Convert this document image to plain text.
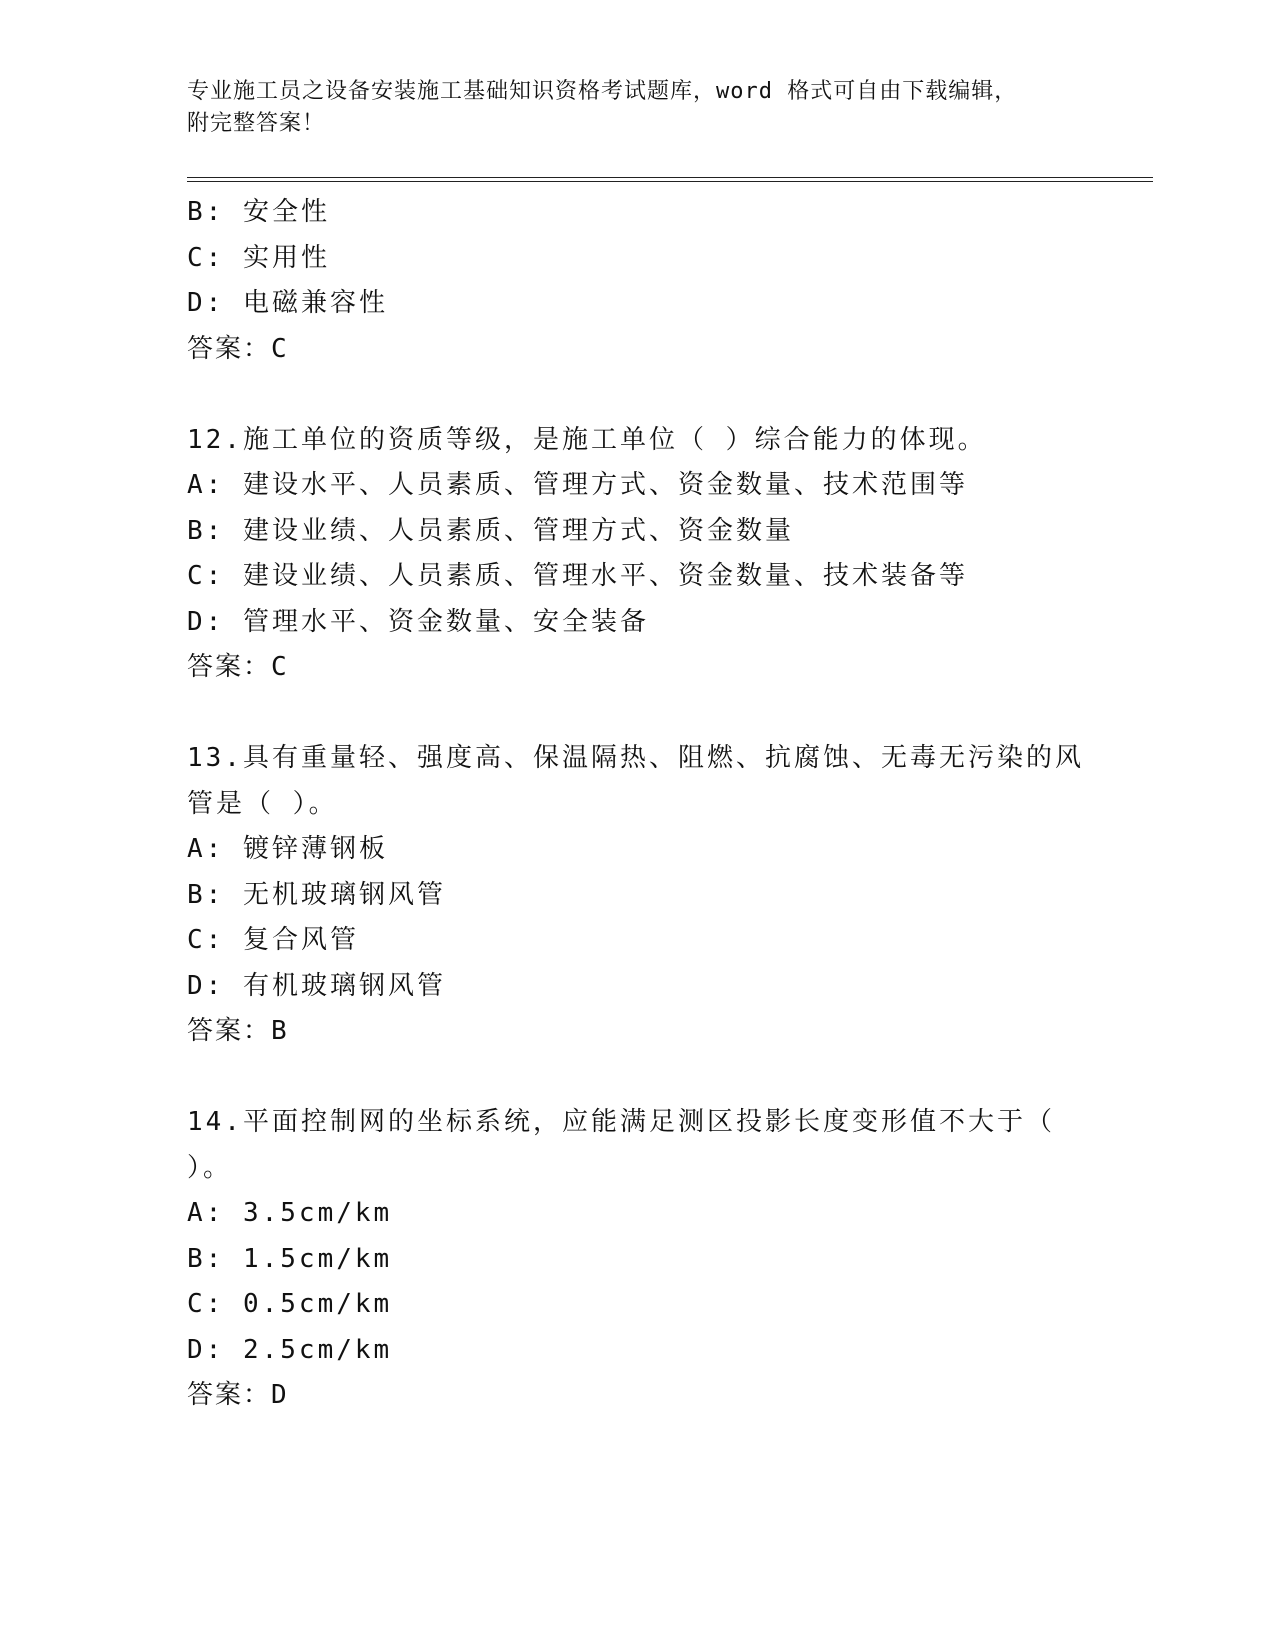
专业施工员之设备安装施工基础知识资格考试题库，word 格式可自由下载编辑，
附完整答案！
B: 安全性
C: 实用性
D: 电磁兼容性
答案：C
12.施工单位的资质等级，是施工单位（ ）综合能力的体现。
A: 建设水平、人员素质、管理方式、资金数量、技术范围等
B: 建设业绩、人员素质、管理方式、资金数量
C: 建设业绩、人员素质、管理水平、资金数量、技术装备等
D: 管理水平、资金数量、安全装备
答案：C
13.具有重量轻、强度高、保温隔热、阻燃、抗腐蚀、无毒无污染的风
管是（ ）。
A: 镀锌薄钢板
B: 无机玻璃钢风管
C: 复合风管
D: 有机玻璃钢风管
答案：B
14.平面控制网的坐标系统，应能满足测区投影长度变形值不大于（
）。
A: 3.5cm/km
B: 1.5cm/km
C: 0.5cm/km
D: 2.5cm/km
答案：D
